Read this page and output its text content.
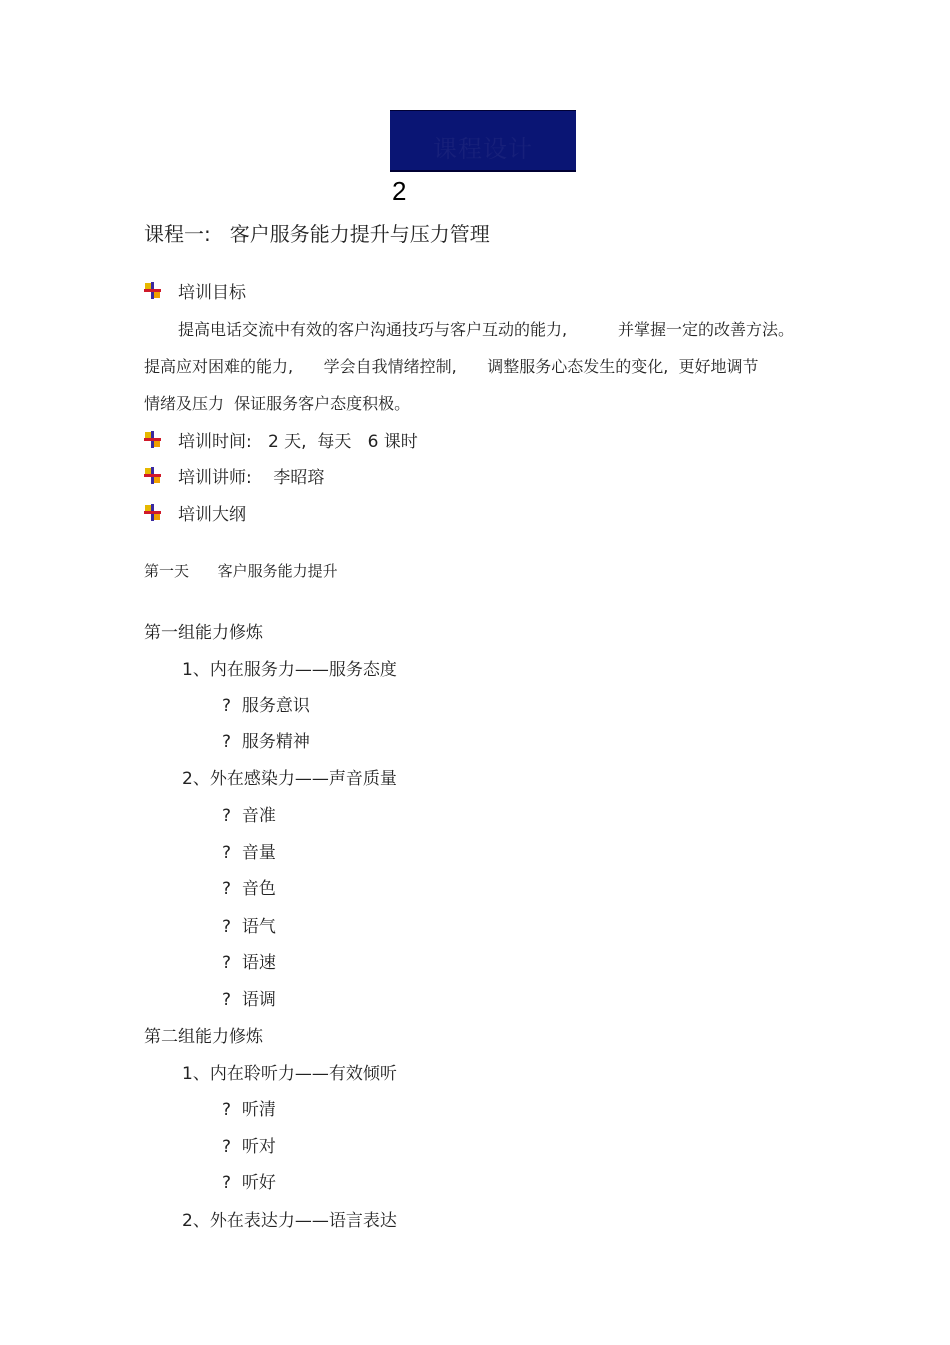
课程设计
2
课程一:   客户服务能力提升与压力管理
培训目标
提高电话交流中有效的客户沟通技巧与客户互动的能力,          并掌握一定的改善方法。
提高应对困难的能力,      学会自我情绪控制,      调整服务心态发生的变化,  更好地调节
情绪及压力  保证服务客户态度积极。
培训时间:   2 天,  每天   6 课时
培训讲师:    李昭瑢
培训大纲
第一天      客户服务能力提升
第一组能力修炼
1、内在服务力——服务态度
?  服务意识
?  服务精神
2、外在感染力——声音质量
?  音准
?  音量
?  音色
?  语气
?  语速
?  语调
第二组能力修炼
1、内在聆听力——有效倾听
?  听清
?  听对
?  听好
2、外在表达力——语言表达
